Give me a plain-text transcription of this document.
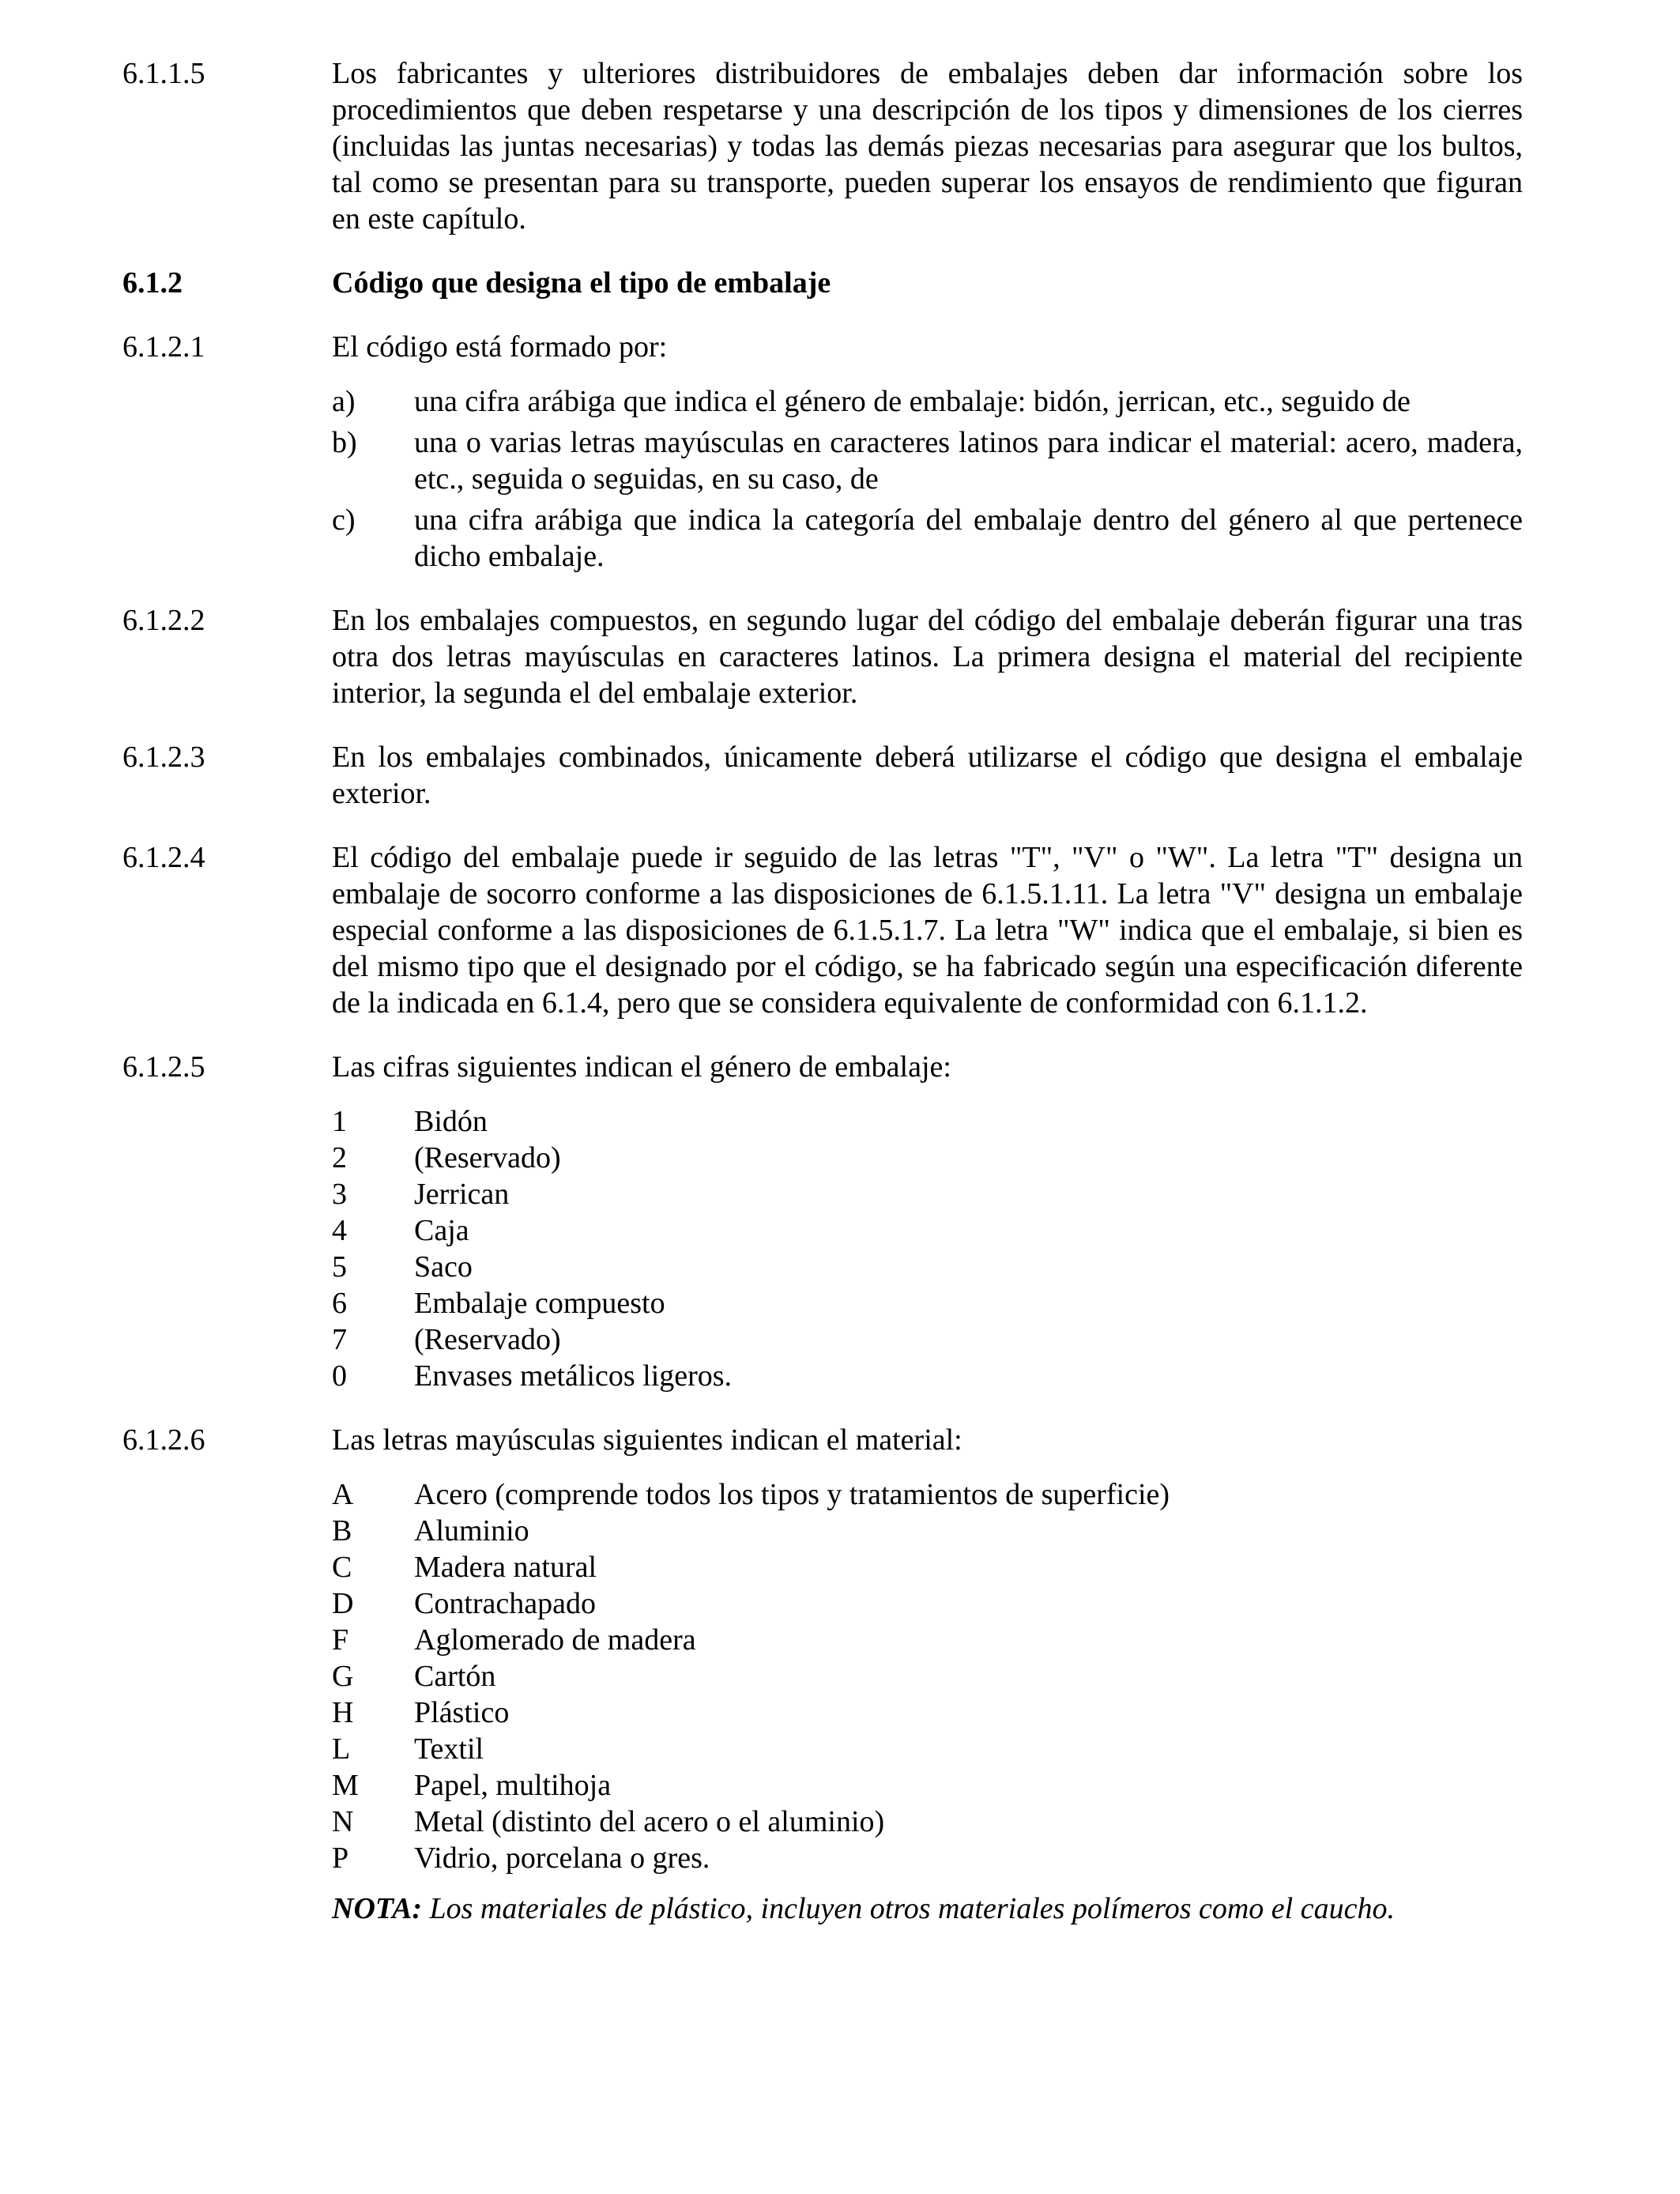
6.1.1.5	Los fabricantes y ulteriores distribuidores de embalajes deben dar información sobre los procedimientos que deben respetarse y una descripción de los tipos y dimensiones de los cierres (incluidas las juntas necesarias) y todas las demás piezas necesarias para asegurar que los bultos, tal como se presentan para su transporte, pueden superar los ensayos de rendimiento que figuran en este capítulo.
6.1.2	Código que designa el tipo de embalaje
6.1.2.1	El código está formado por:
a) una cifra arábiga que indica el género de embalaje: bidón, jerrican, etc., seguido de
b) una o varias letras mayúsculas en caracteres latinos para indicar el material: acero, madera, etc., seguida o seguidas, en su caso, de
c) una cifra arábiga que indica la categoría del embalaje dentro del género al que pertenece dicho embalaje.
6.1.2.2	En los embalajes compuestos, en segundo lugar del código del embalaje deberán figurar una tras otra dos letras mayúsculas en caracteres latinos. La primera designa el material del recipiente interior, la segunda el del embalaje exterior.
6.1.2.3	En los embalajes combinados, únicamente deberá utilizarse el código que designa el embalaje exterior.
6.1.2.4	El código del embalaje puede ir seguido de las letras "T", "V" o "W". La letra "T" designa un embalaje de socorro conforme a las disposiciones de 6.1.5.1.11. La letra "V" designa un embalaje especial conforme a las disposiciones de 6.1.5.1.7. La letra "W" indica que el embalaje, si bien es del mismo tipo que el designado por el código, se ha fabricado según una especificación diferente de la indicada en 6.1.4, pero que se considera equivalente de conformidad con 6.1.1.2.
6.1.2.5	Las cifras siguientes indican el género de embalaje:
1 Bidón
2 (Reservado)
3 Jerrican
4 Caja
5 Saco
6 Embalaje compuesto
7 (Reservado)
0 Envases metálicos ligeros.
6.1.2.6	Las letras mayúsculas siguientes indican el material:
A Acero (comprende todos los tipos y tratamientos de superficie)
B Aluminio
C Madera natural
D Contrachapado
F Aglomerado de madera
G Cartón
H Plástico
L Textil
M Papel, multihoja
N Metal (distinto del acero o el aluminio)
P Vidrio, porcelana o gres.
NOTA: Los materiales de plástico, incluyen otros materiales polímeros como el caucho.
